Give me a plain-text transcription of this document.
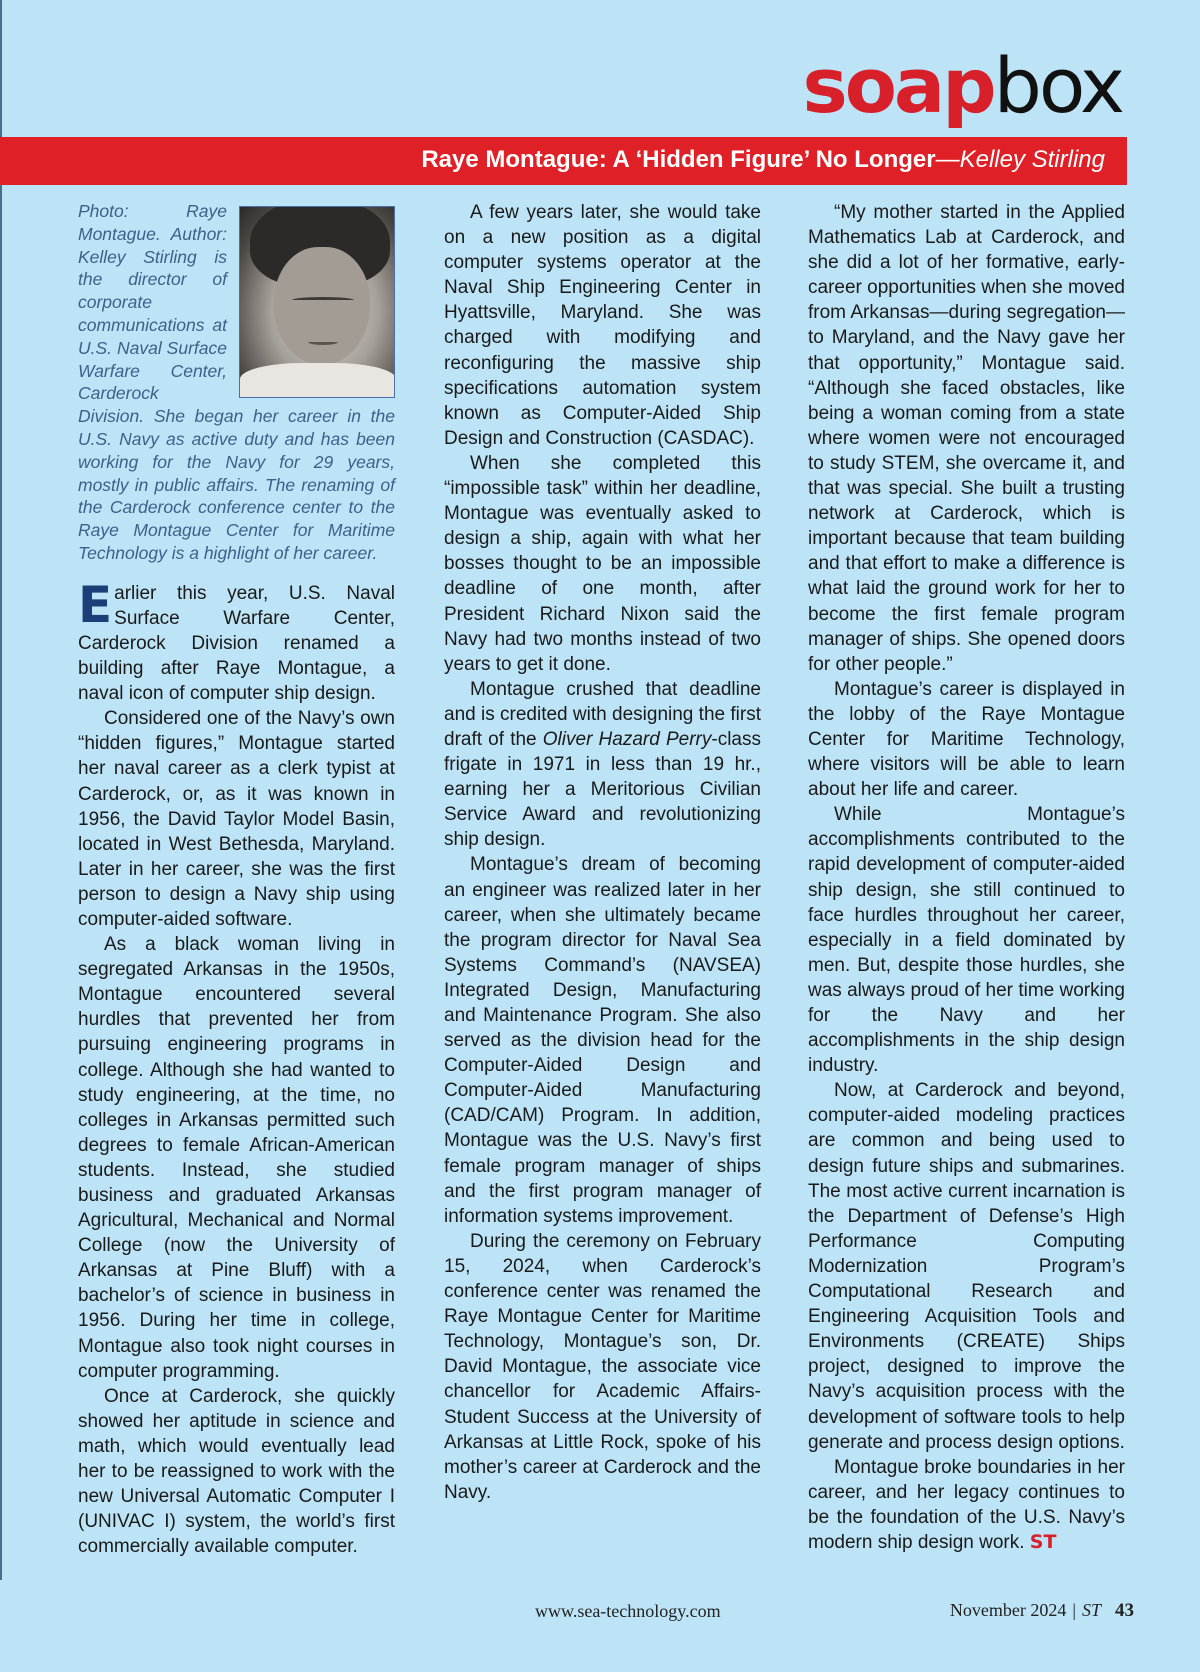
soapbox
Raye Montague: A ‘Hidden Figure’ No Longer—Kelley Stirling
Photo: Raye Montague. Author: Kelley Stirling is the director of corporate communications at U.S. Naval Surface Warfare Center, Carderock Division. She began her career in the U.S. Navy as active duty and has been working for the Navy for 29 years, mostly in public affairs. The renaming of the Carderock conference center to the Raye Montague Center for Maritime Technology is a highlight of her career.

Earlier this year, U.S. Naval Surface Warfare Center, Carderock Division renamed a building after Raye Montague, a naval icon of computer ship design.

Considered one of the Navy’s own “hidden figures,” Montague started her naval career as a clerk typist at Carderock, or, as it was known in 1956, the David Taylor Model Basin, located in West Bethesda, Maryland. Later in her career, she was the first person to design a Navy ship using computer-aided software.

As a black woman living in segregated Arkansas in the 1950s, Montague encountered several hurdles that prevented her from pursuing engineering programs in college. Although she had wanted to study engineering, at the time, no colleges in Arkansas permitted such degrees to female African-American students. Instead, she studied business and graduated Arkansas Agricultural, Mechanical and Normal College (now the University of Arkansas at Pine Bluff) with a bachelor’s of science in business in 1956. During her time in college, Montague also took night courses in computer programming.

Once at Carderock, she quickly showed her aptitude in science and math, which would eventually lead her to be reassigned to work with the new Universal Automatic Computer I (UNIVAC I) system, the world’s first commercially available computer.

A few years later, she would take on a new position as a digital computer systems operator at the Naval Ship Engineering Center in Hyattsville, Maryland. She was charged with modifying and reconfiguring the massive ship specifications automation system known as Computer-Aided Ship Design and Construction (CASDAC).

When she completed this “impossible task” within her deadline, Montague was eventually asked to design a ship, again with what her bosses thought to be an impossible deadline of one month, after President Richard Nixon said the Navy had two months instead of two years to get it done.

Montague crushed that deadline and is credited with designing the first draft of the Oliver Hazard Perry-class frigate in 1971 in less than 19 hr., earning her a Meritorious Civilian Service Award and revolutionizing ship design.

Montague’s dream of becoming an engineer was realized later in her career, when she ultimately became the program director for Naval Sea Systems Command’s (NAVSEA) Integrated Design, Manufacturing and Maintenance Program. She also served as the division head for the Computer-Aided Design and Computer-Aided Manufacturing (CAD/CAM) Program. In addition, Montague was the U.S. Navy’s first female program manager of ships and the first program manager of information systems improvement.

During the ceremony on February 15, 2024, when Carderock’s conference center was renamed the Raye Montague Center for Maritime Technology, Montague’s son, Dr. David Montague, the associate vice chancellor for Academic Affairs-Student Success at the University of Arkansas at Little Rock, spoke of his mother’s career at Carderock and the Navy.

“My mother started in the Applied Mathematics Lab at Carderock, and she did a lot of her formative, early-career opportunities when she moved from Arkansas—during segregation—to Maryland, and the Navy gave her that opportunity,” Montague said. “Although she faced obstacles, like being a woman coming from a state where women were not encouraged to study STEM, she overcame it, and that was special. She built a trusting network at Carderock, which is important because that team building and that effort to make a difference is what laid the ground work for her to become the first female program manager of ships. She opened doors for other people.”

Montague’s career is displayed in the lobby of the Raye Montague Center for Maritime Technology, where visitors will be able to learn about her life and career.

While Montague’s accomplishments contributed to the rapid development of computer-aided ship design, she still continued to face hurdles throughout her career, especially in a field dominated by men. But, despite those hurdles, she was always proud of her time working for the Navy and her accomplishments in the ship design industry.

Now, at Carderock and beyond, computer-aided modeling practices are common and being used to design future ships and submarines. The most active current incarnation is the Department of Defense’s High Performance Computing Modernization Program’s Computational Research and Engineering Acquisition Tools and Environments (CREATE) Ships project, designed to improve the Navy’s acquisition process with the development of software tools to help generate and process design options.

Montague broke boundaries in her career, and her legacy continues to be the foundation of the U.S. Navy’s modern ship design work. ST

www.sea-technology.com	November 2024 | ST 43
